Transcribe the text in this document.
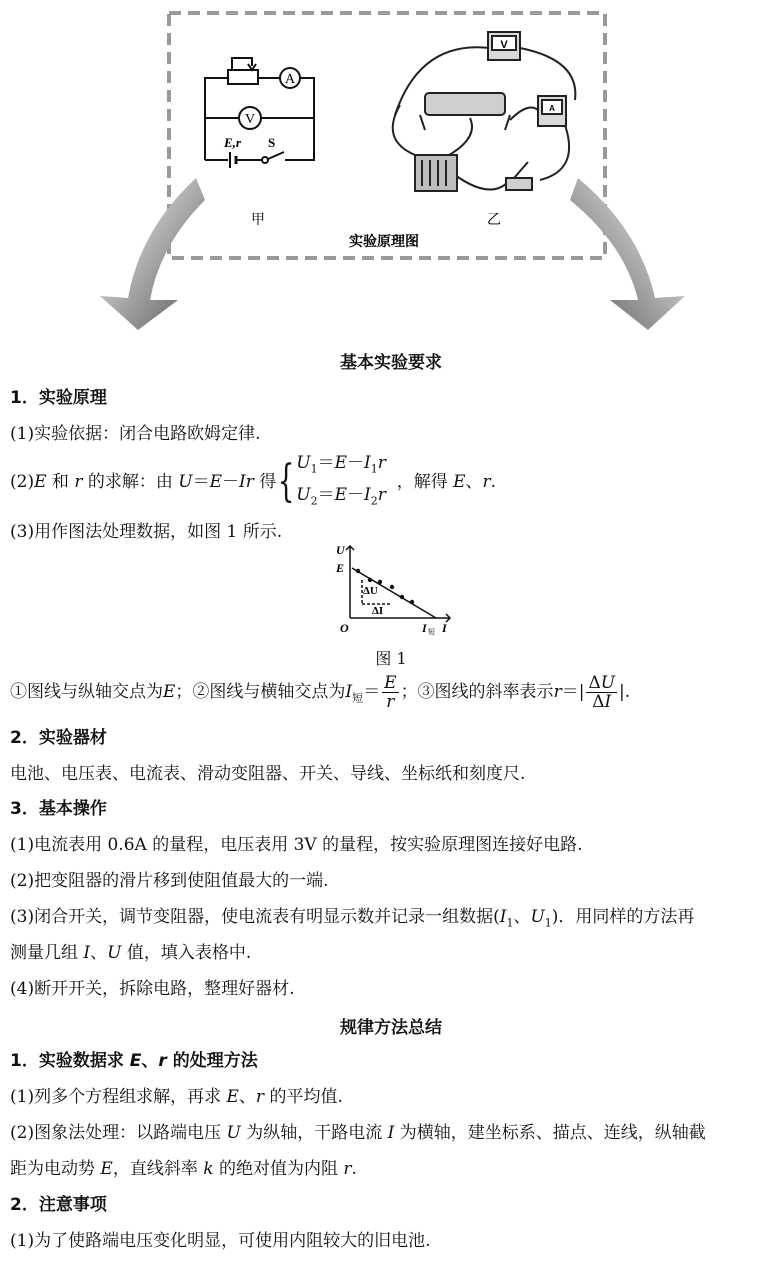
A
V
E,r S
V
A
甲	乙
实验原理图
基本实验要求
1．实验原理
(1)实验依据：闭合电路欧姆定律.
(2)E 和 r 的求解：由 U＝E－Ir 得{ $U_1=E-I_1r$
$U_2=E-I_2r$
，解得 E、r.
(3)用作图法处理数据，如图 1 所示.
U
E
ΔU
ΔI
O	I 短 I
图 1
①图线与纵轴交点为E；②图线与横轴交点为$I_短= \frac{E}{r}$ ；③图线的斜率表示$r=| \frac{\Delta U}{\Delta I}$ |.
2．实验器材
电池、电压表、电流表、滑动变阻器、开关、导线、坐标纸和刻度尺.
3．基本操作
(1)电流表用 0.6A 的量程，电压表用 3V 的量程，按实验原理图连接好电路.
(2)把变阻器的滑片移到使阻值最大的一端.
(3)闭合开关，调节变阻器，使电流表有明显示数并记录一组数据($I_1$、$U_1$)．用同样的方法再
测量几组 I、U 值，填入表格中.
(4)断开开关，拆除电路，整理好器材.
规律方法总结
1．实验数据求 E、r 的处理方法
(1)列多个方程组求解，再求 E、r 的平均值.
(2)图象法处理：以路端电压 U 为纵轴，干路电流 I 为横轴，建坐标系、描点、连线，纵轴截
距为电动势 E，直线斜率 k 的绝对值为内阻 r.
2．注意事项
(1)为了使路端电压变化明显，可使用内阻较大的旧电池.
